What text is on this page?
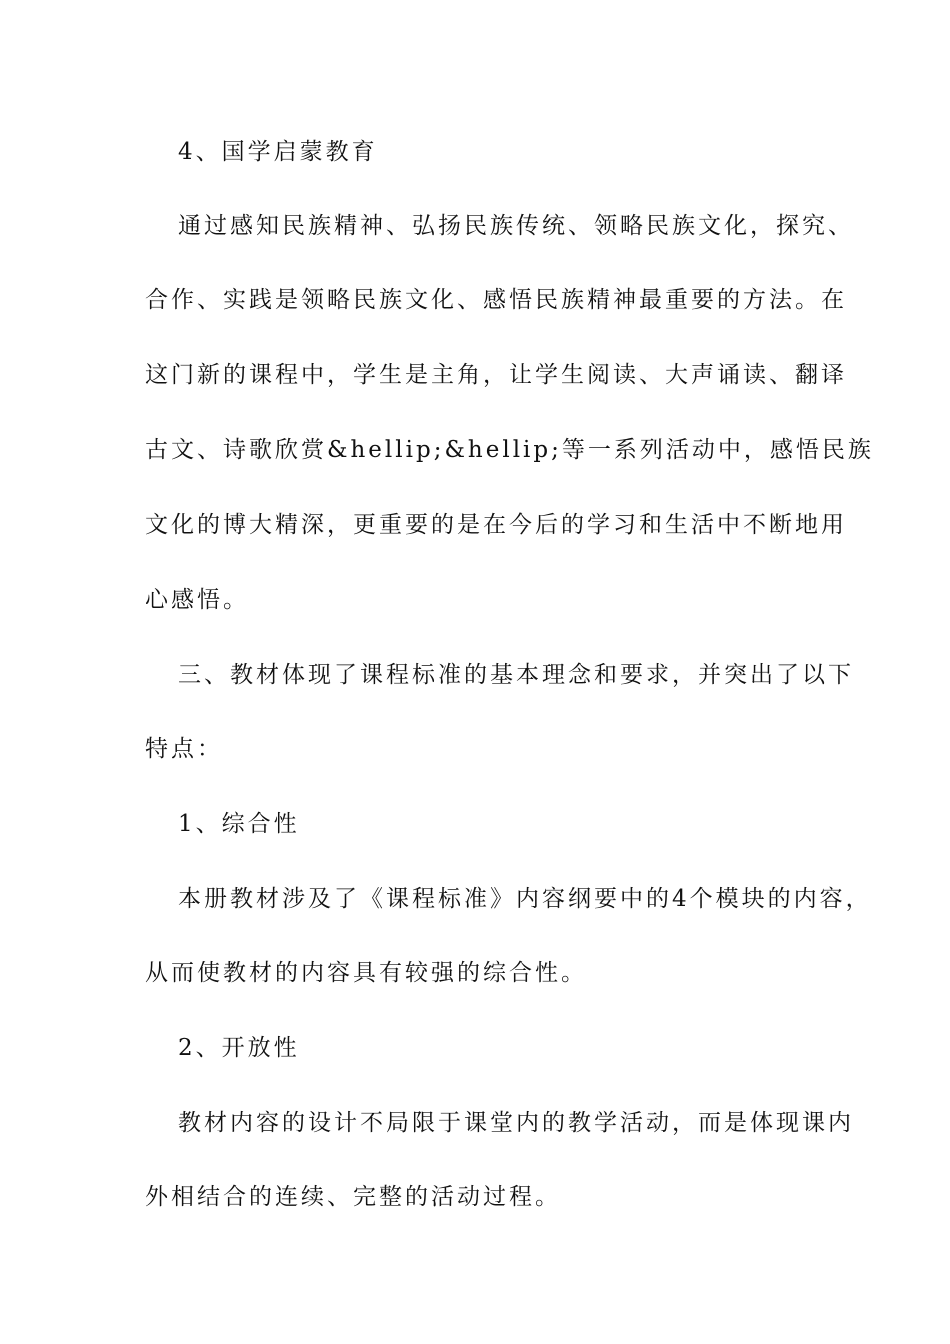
4、国学启蒙教育

通过感知民族精神、弘扬民族传统、领略民族文化，探究、

合作、实践是领略民族文化、感悟民族精神最重要的方法。在

这门新的课程中，学生是主角，让学生阅读、大声诵读、翻译

古文、诗歌欣赏&hellip;&hellip;等一系列活动中，感悟民族

文化的博大精深，更重要的是在今后的学习和生活中不断地用

心感悟。

三、教材体现了课程标准的基本理念和要求，并突出了以下

特点：

1、综合性

本册教材涉及了《课程标准》内容纲要中的4个模块的内容，

从而使教材的内容具有较强的综合性。

2、开放性

教材内容的设计不局限于课堂内的教学活动，而是体现课内

外相结合的连续、完整的活动过程。
